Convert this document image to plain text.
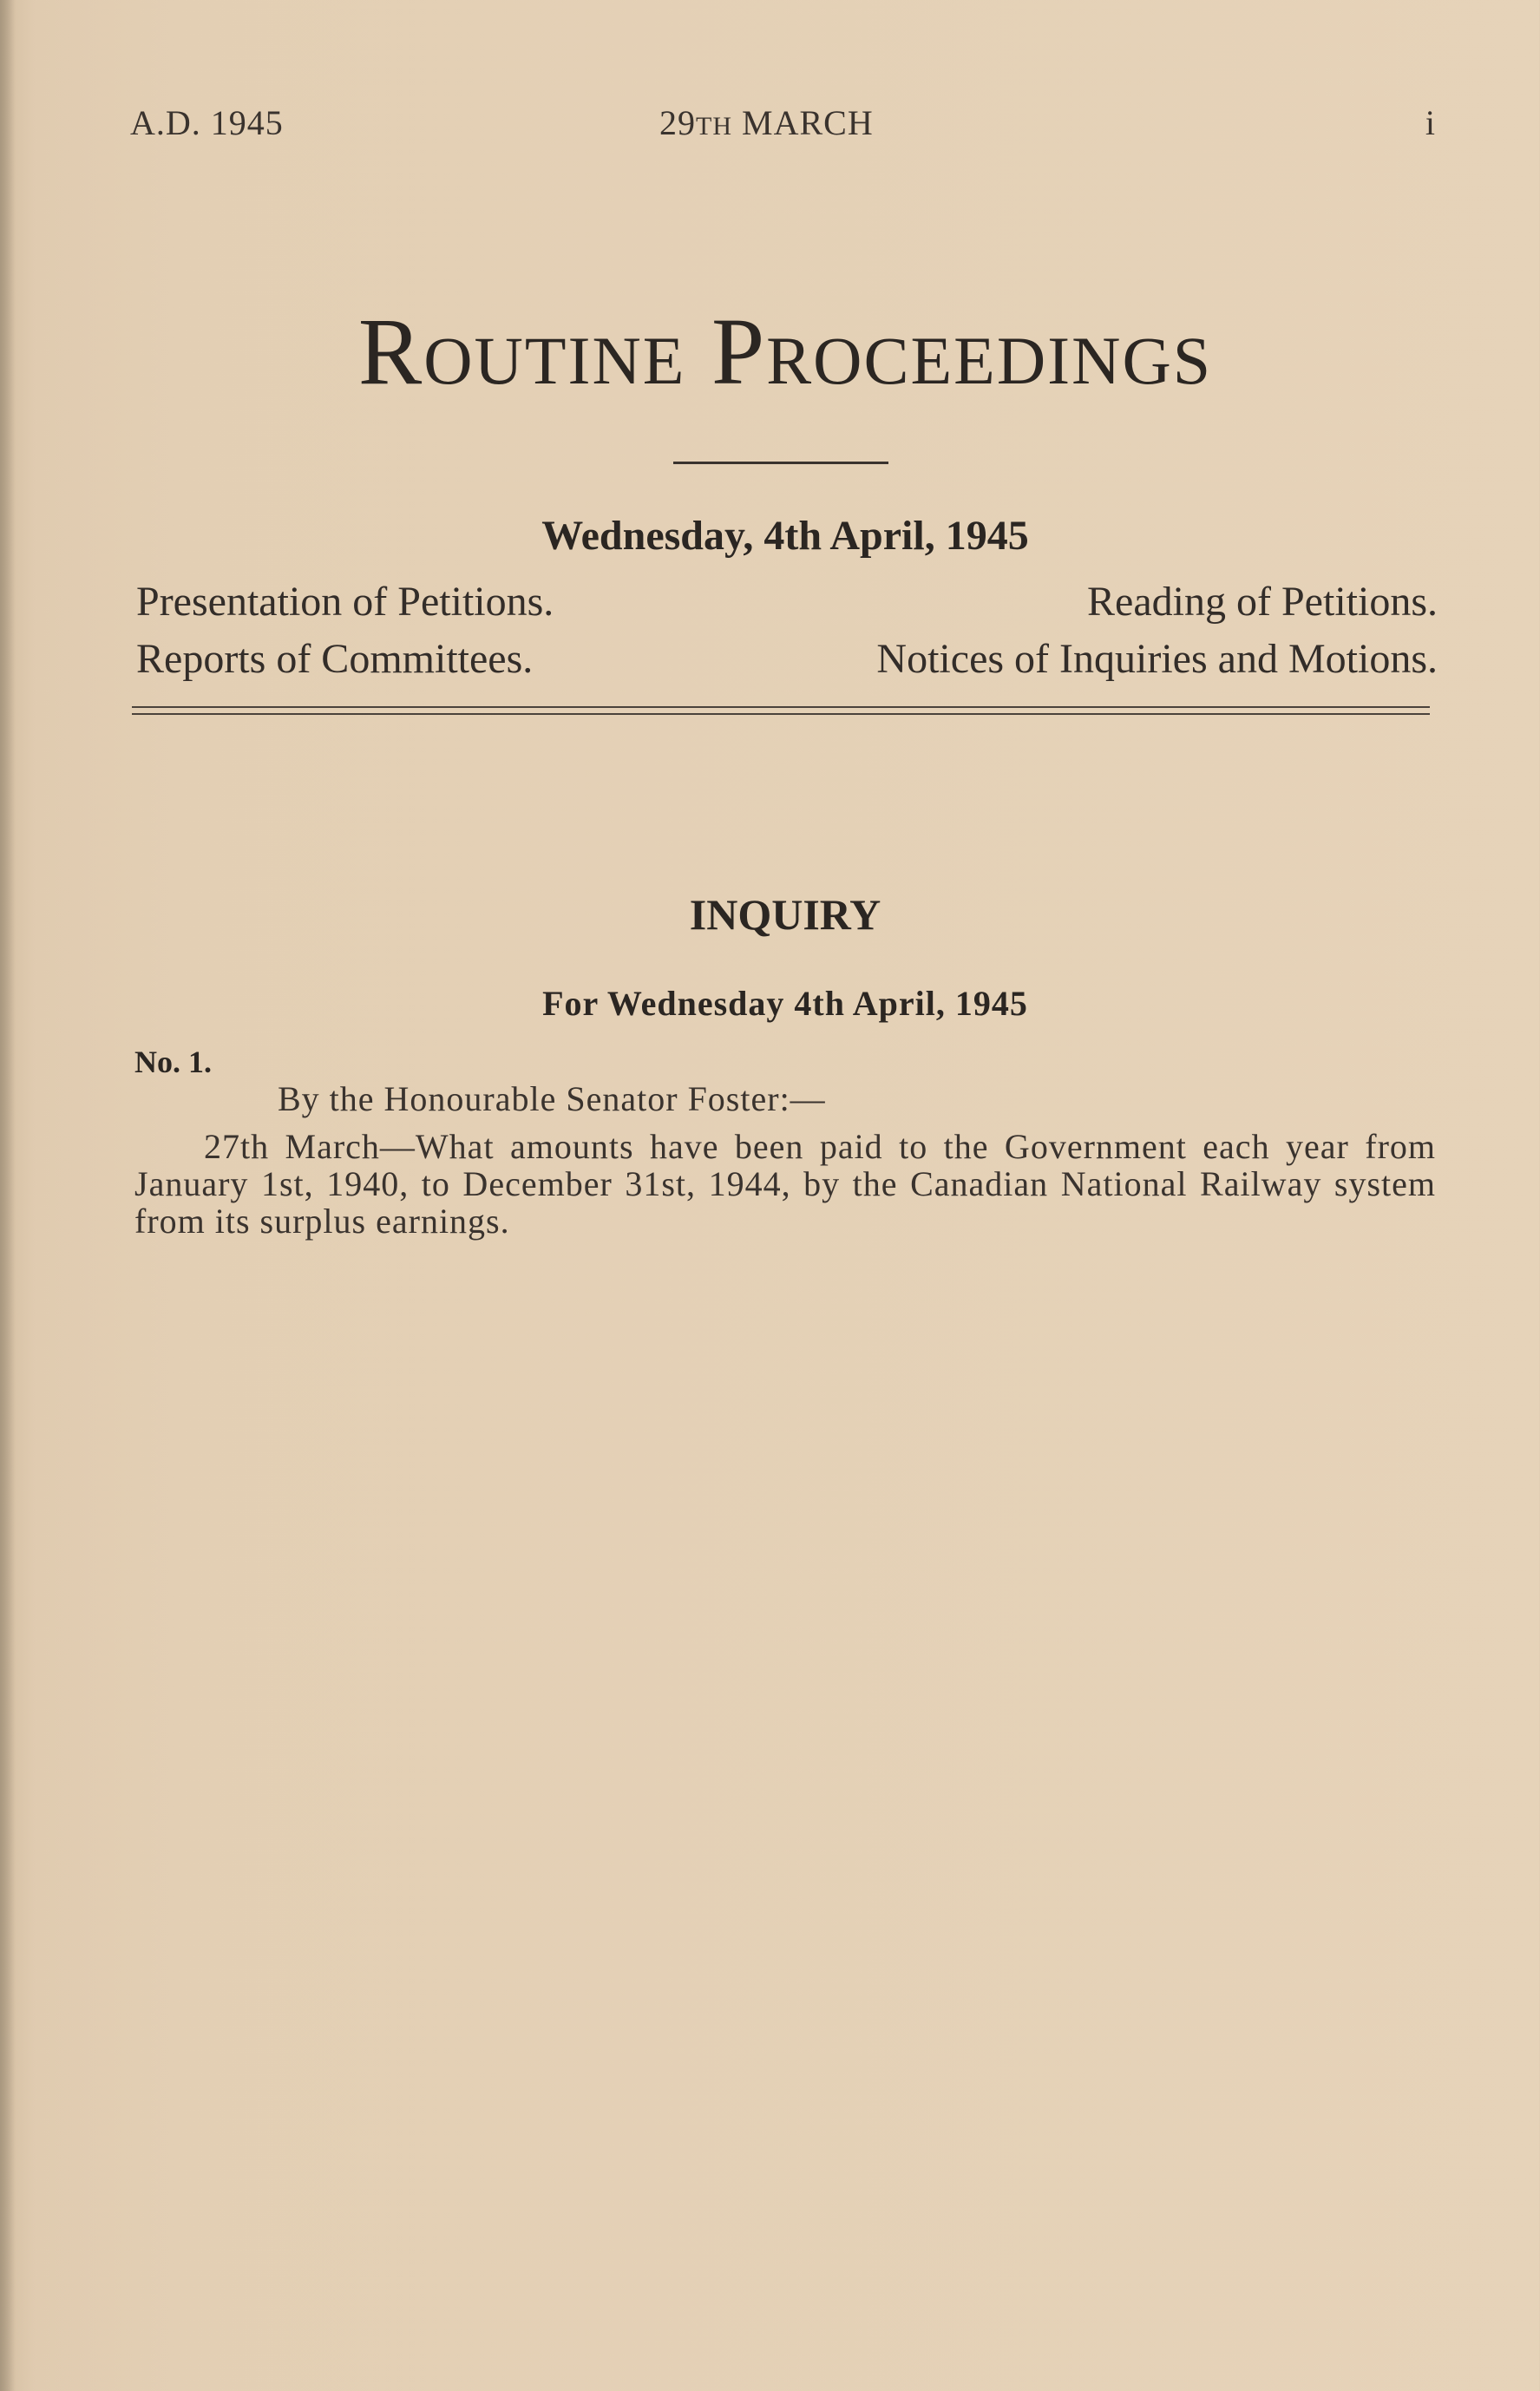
A.D. 1945	29TH MARCH	i
ROUTINE PROCEEDINGS
Wednesday, 4th April, 1945
Presentation of Petitions.	Reading of Petitions.
Reports of Committees.	Notices of Inquiries and Motions.
INQUIRY
For Wednesday 4th April, 1945
No. 1.
By the Honourable Senator Foster:—
27th March—What amounts have been paid to the Government each year from January 1st, 1940, to December 31st, 1944, by the Canadian National Railway system from its surplus earnings.
